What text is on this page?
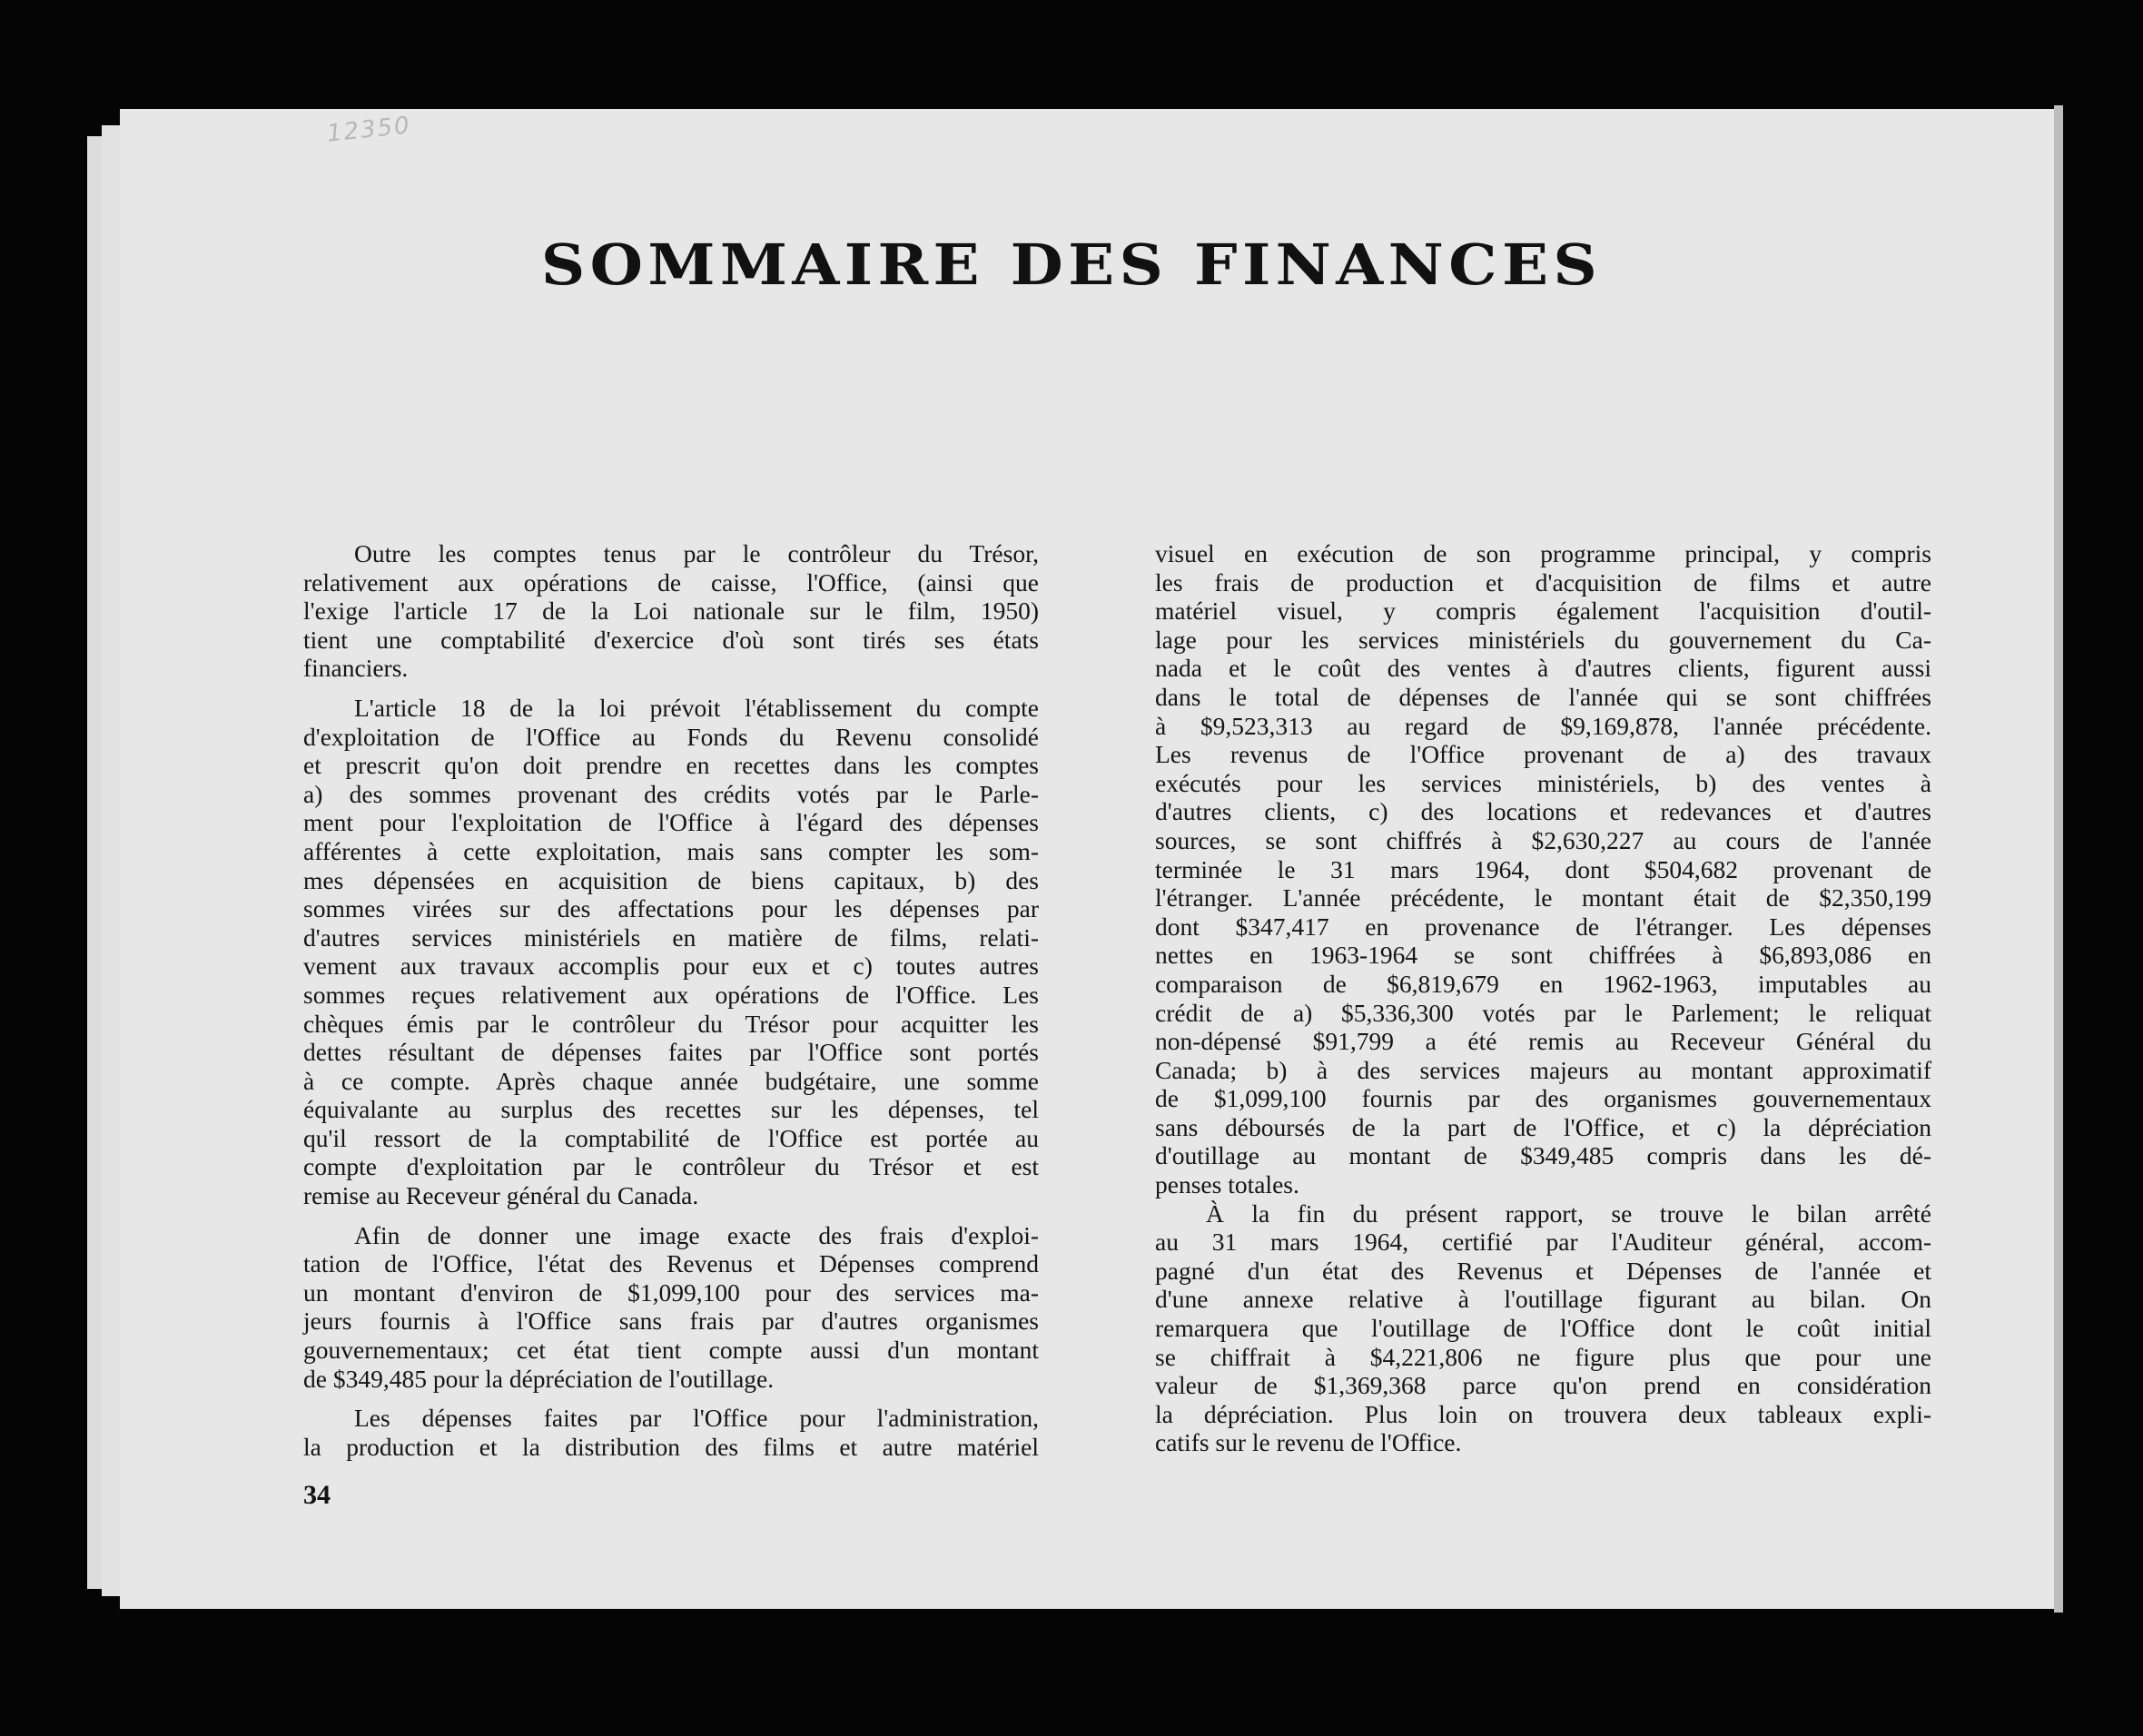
12350
SOMMAIRE DES FINANCES
Outre les comptes tenus par le contrôleur du Trésor,
relativement aux opérations de caisse, l'Office, (ainsi que
l'exige l'article 17 de la Loi nationale sur le film, 1950)
tient une comptabilité d'exercice d'où sont tirés ses états
financiers.
L'article 18 de la loi prévoit l'établissement du compte
d'exploitation de l'Office au Fonds du Revenu consolidé
et prescrit qu'on doit prendre en recettes dans les comptes
a) des sommes provenant des crédits votés par le Parle-
ment pour l'exploitation de l'Office à l'égard des dépenses
afférentes à cette exploitation, mais sans compter les som-
mes dépensées en acquisition de biens capitaux, b) des
sommes virées sur des affectations pour les dépenses par
d'autres services ministériels en matière de films, relati-
vement aux travaux accomplis pour eux et c) toutes autres
sommes reçues relativement aux opérations de l'Office. Les
chèques émis par le contrôleur du Trésor pour acquitter les
dettes résultant de dépenses faites par l'Office sont portés
à ce compte. Après chaque année budgétaire, une somme
équivalante au surplus des recettes sur les dépenses, tel
qu'il ressort de la comptabilité de l'Office est portée au
compte d'exploitation par le contrôleur du Trésor et est
remise au Receveur général du Canada.
Afin de donner une image exacte des frais d'exploi-
tation de l'Office, l'état des Revenus et Dépenses comprend
un montant d'environ de $1,099,100 pour des services ma-
jeurs fournis à l'Office sans frais par d'autres organismes
gouvernementaux; cet état tient compte aussi d'un montant
de $349,485 pour la dépréciation de l'outillage.
Les dépenses faites par l'Office pour l'administration,
la production et la distribution des films et autre matériel
visuel en exécution de son programme principal, y compris
les frais de production et d'acquisition de films et autre
matériel visuel, y compris également l'acquisition d'outil-
lage pour les services ministériels du gouvernement du Ca-
nada et le coût des ventes à d'autres clients, figurent aussi
dans le total de dépenses de l'année qui se sont chiffrées
à $9,523,313 au regard de $9,169,878, l'année précédente.
Les revenus de l'Office provenant de a) des travaux
exécutés pour les services ministériels, b) des ventes à
d'autres clients, c) des locations et redevances et d'autres
sources, se sont chiffrés à $2,630,227 au cours de l'année
terminée le 31 mars 1964, dont $504,682 provenant de
l'étranger. L'année précédente, le montant était de $2,350,199
dont $347,417 en provenance de l'étranger. Les dépenses
nettes en 1963-1964 se sont chiffrées à $6,893,086 en
comparaison de $6,819,679 en 1962-1963, imputables au
crédit de a) $5,336,300 votés par le Parlement; le reliquat
non-dépensé $91,799 a été remis au Receveur Général du
Canada; b) à des services majeurs au montant approximatif
de $1,099,100 fournis par des organismes gouvernementaux
sans déboursés de la part de l'Office, et c) la dépréciation
d'outillage au montant de $349,485 compris dans les dé-
penses totales.
À la fin du présent rapport, se trouve le bilan arrêté
au 31 mars 1964, certifié par l'Auditeur général, accom-
pagné d'un état des Revenus et Dépenses de l'année et
d'une annexe relative à l'outillage figurant au bilan. On
remarquera que l'outillage de l'Office dont le coût initial
se chiffrait à $4,221,806 ne figure plus que pour une
valeur de $1,369,368 parce qu'on prend en considération
la dépréciation. Plus loin on trouvera deux tableaux expli-
catifs sur le revenu de l'Office.
34
